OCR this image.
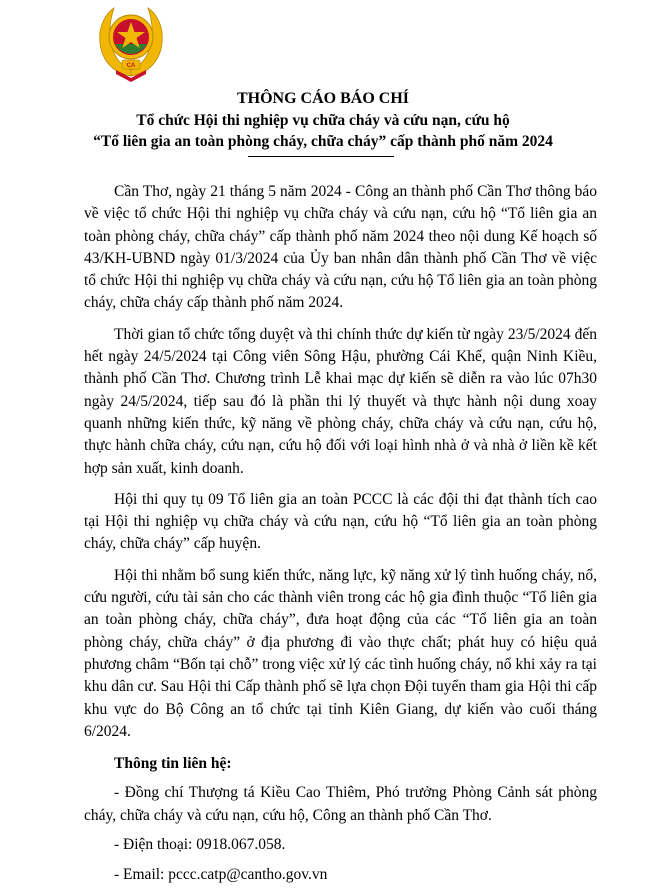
CA

THÔNG CÁO BÁO CHÍ

Tổ chức Hội thi nghiệp vụ chữa cháy và cứu nạn, cứu hộ

“Tổ liên gia an toàn phòng cháy, chữa cháy” cấp thành phố năm 2024

Cần Thơ, ngày 21 tháng 5 năm 2024 - Công an thành phố Cần Thơ thông báo về việc tổ chức Hội thi nghiệp vụ chữa cháy và cứu nạn, cứu hộ “Tổ liên gia an toàn phòng cháy, chữa cháy” cấp thành phố năm 2024 theo nội dung Kế hoạch số 43/KH-UBND ngày 01/3/2024 của Ủy ban nhân dân thành phố Cần Thơ về việc tổ chức Hội thi nghiệp vụ chữa cháy và cứu nạn, cứu hộ Tổ liên gia an toàn phòng cháy, chữa cháy cấp thành phố năm 2024.

Thời gian tổ chức tổng duyệt và thi chính thức dự kiến từ ngày 23/5/2024 đến hết ngày 24/5/2024 tại Công viên Sông Hậu, phường Cái Khế, quận Ninh Kiều, thành phố Cần Thơ. Chương trình Lễ khai mạc dự kiến sẽ diễn ra vào lúc 07h30 ngày 24/5/2024, tiếp sau đó là phần thi lý thuyết và thực hành nội dung xoay quanh những kiến thức, kỹ năng về phòng cháy, chữa cháy và cứu nạn, cứu hộ, thực hành chữa cháy, cứu nạn, cứu hộ đối với loại hình nhà ở và nhà ở liền kề kết hợp sản xuất, kinh doanh.

Hội thi quy tụ 09 Tổ liên gia an toàn PCCC là các đội thi đạt thành tích cao tại Hội thi nghiệp vụ chữa cháy và cứu nạn, cứu hộ “Tổ liên gia an toàn phòng cháy, chữa cháy” cấp huyện.

Hội thi nhằm bổ sung kiến thức, năng lực, kỹ năng xử lý tình huống cháy, nổ, cứu người, cứu tài sản cho các thành viên trong các hộ gia đình thuộc “Tổ liên gia an toàn phòng cháy, chữa cháy”, đưa hoạt động của các “Tổ liên gia an toàn phòng cháy, chữa cháy” ở địa phương đi vào thực chất; phát huy có hiệu quả phương châm “Bốn tại chỗ” trong việc xử lý các tình huống cháy, nổ khi xảy ra tại khu dân cư. Sau Hội thi Cấp thành phố sẽ lựa chọn Đội tuyển tham gia Hội thi cấp khu vực do Bộ Công an tổ chức tại tỉnh Kiên Giang, dự kiến vào cuối tháng 6/2024.

Thông tin liên hệ:

- Đồng chí Thượng tá Kiều Cao Thiêm, Phó trưởng Phòng Cảnh sát phòng cháy, chữa cháy và cứu nạn, cứu hộ, Công an thành phố Cần Thơ.

- Điện thoại: 0918.067.058.

- Email: pccc.catp@cantho.gov.vn
